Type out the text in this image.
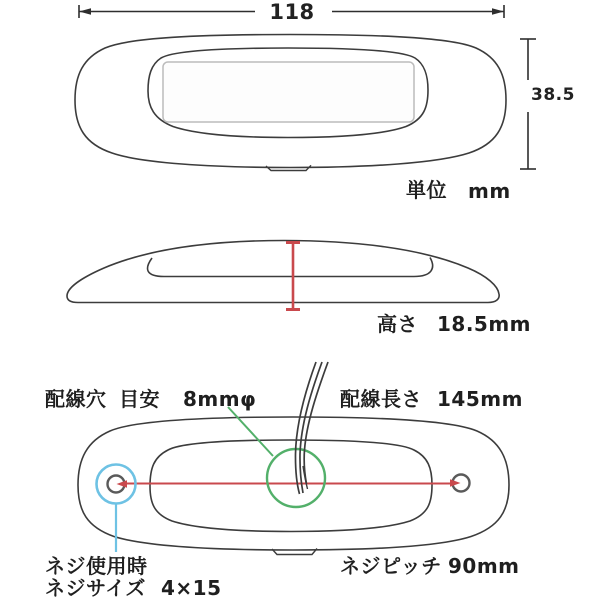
118
38.5
単位 mm
高さ 18.5mm
配線穴 目安 8mmφ	配線長さ 145mm
ネジ使用時
ネジサイズ 4×15
ネジピッチ 90mm
